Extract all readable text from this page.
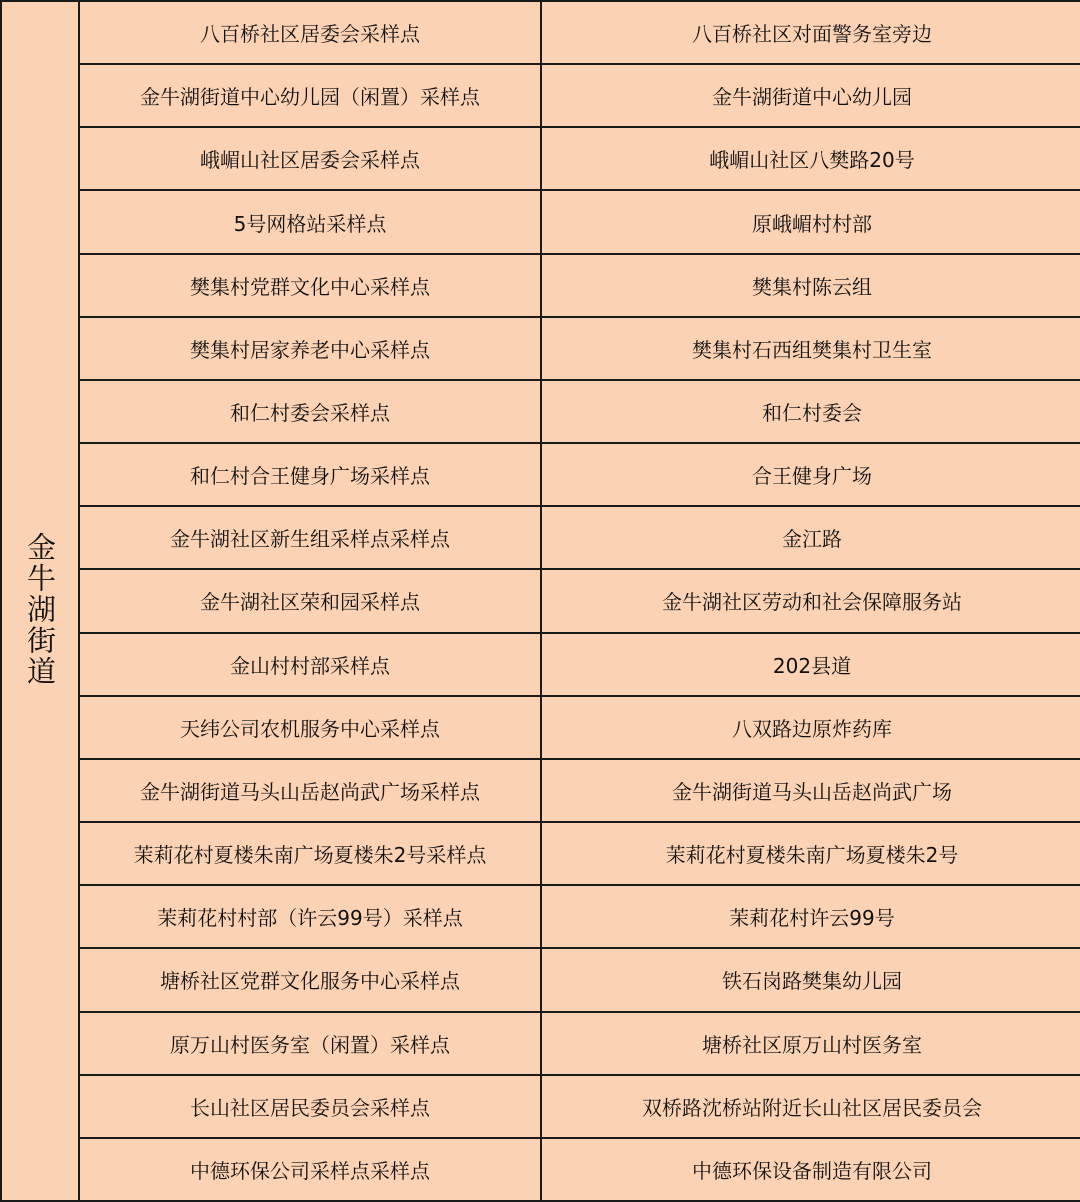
金牛湖街道	八百桥社区居委会采样点	八百桥社区对面警务室旁边
	金牛湖街道中心幼儿园（闲置）采样点	金牛湖街道中心幼儿园
	峨嵋山社区居委会采样点	峨嵋山社区八樊路20号
	5号网格站采样点	原峨嵋村村部
	樊集村党群文化中心采样点	樊集村陈云组
	樊集村居家养老中心采样点	樊集村石西组樊集村卫生室
	和仁村委会采样点	和仁村委会
	和仁村合王健身广场采样点	合王健身广场
	金牛湖社区新生组采样点采样点	金江路
	金牛湖社区荣和园采样点	金牛湖社区劳动和社会保障服务站
	金山村村部采样点	202县道
	天纬公司农机服务中心采样点	八双路边原炸药库
	金牛湖街道马头山岳赵尚武广场采样点	金牛湖街道马头山岳赵尚武广场
	茉莉花村夏楼朱南广场夏楼朱2号采样点	茉莉花村夏楼朱南广场夏楼朱2号
	茉莉花村村部（许云99号）采样点	茉莉花村许云99号
	塘桥社区党群文化服务中心采样点	铁石岗路樊集幼儿园
	原万山村医务室（闲置）采样点	塘桥社区原万山村医务室
	长山社区居民委员会采样点	双桥路沈桥站附近长山社区居民委员会
	中德环保公司采样点采样点	中德环保设备制造有限公司
